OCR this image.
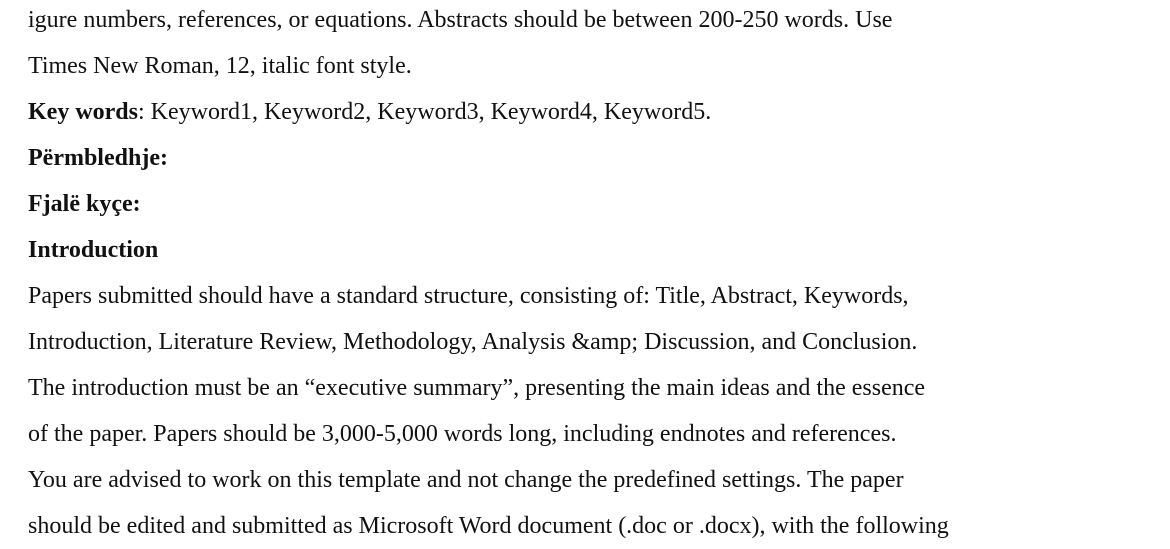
igure numbers, references, or equations. Abstracts should be between 200-250 words. Use
Times New Roman, 12, italic font style.
Key words: Keyword1, Keyword2, Keyword3, Keyword4, Keyword5.
Përmbledhje:
Fjalë kyçe:
Introduction
Papers submitted should have a standard structure, consisting of: Title, Abstract, Keywords,
Introduction, Literature Review, Methodology, Analysis &amp; Discussion, and Conclusion.
The introduction must be an “executive summary”, presenting the main ideas and the essence
of the paper. Papers should be 3,000-5,000 words long, including endnotes and references.
You are advised to work on this template and not change the predefined settings. The paper
should be edited and submitted as Microsoft Word document (.doc or .docx), with the following
